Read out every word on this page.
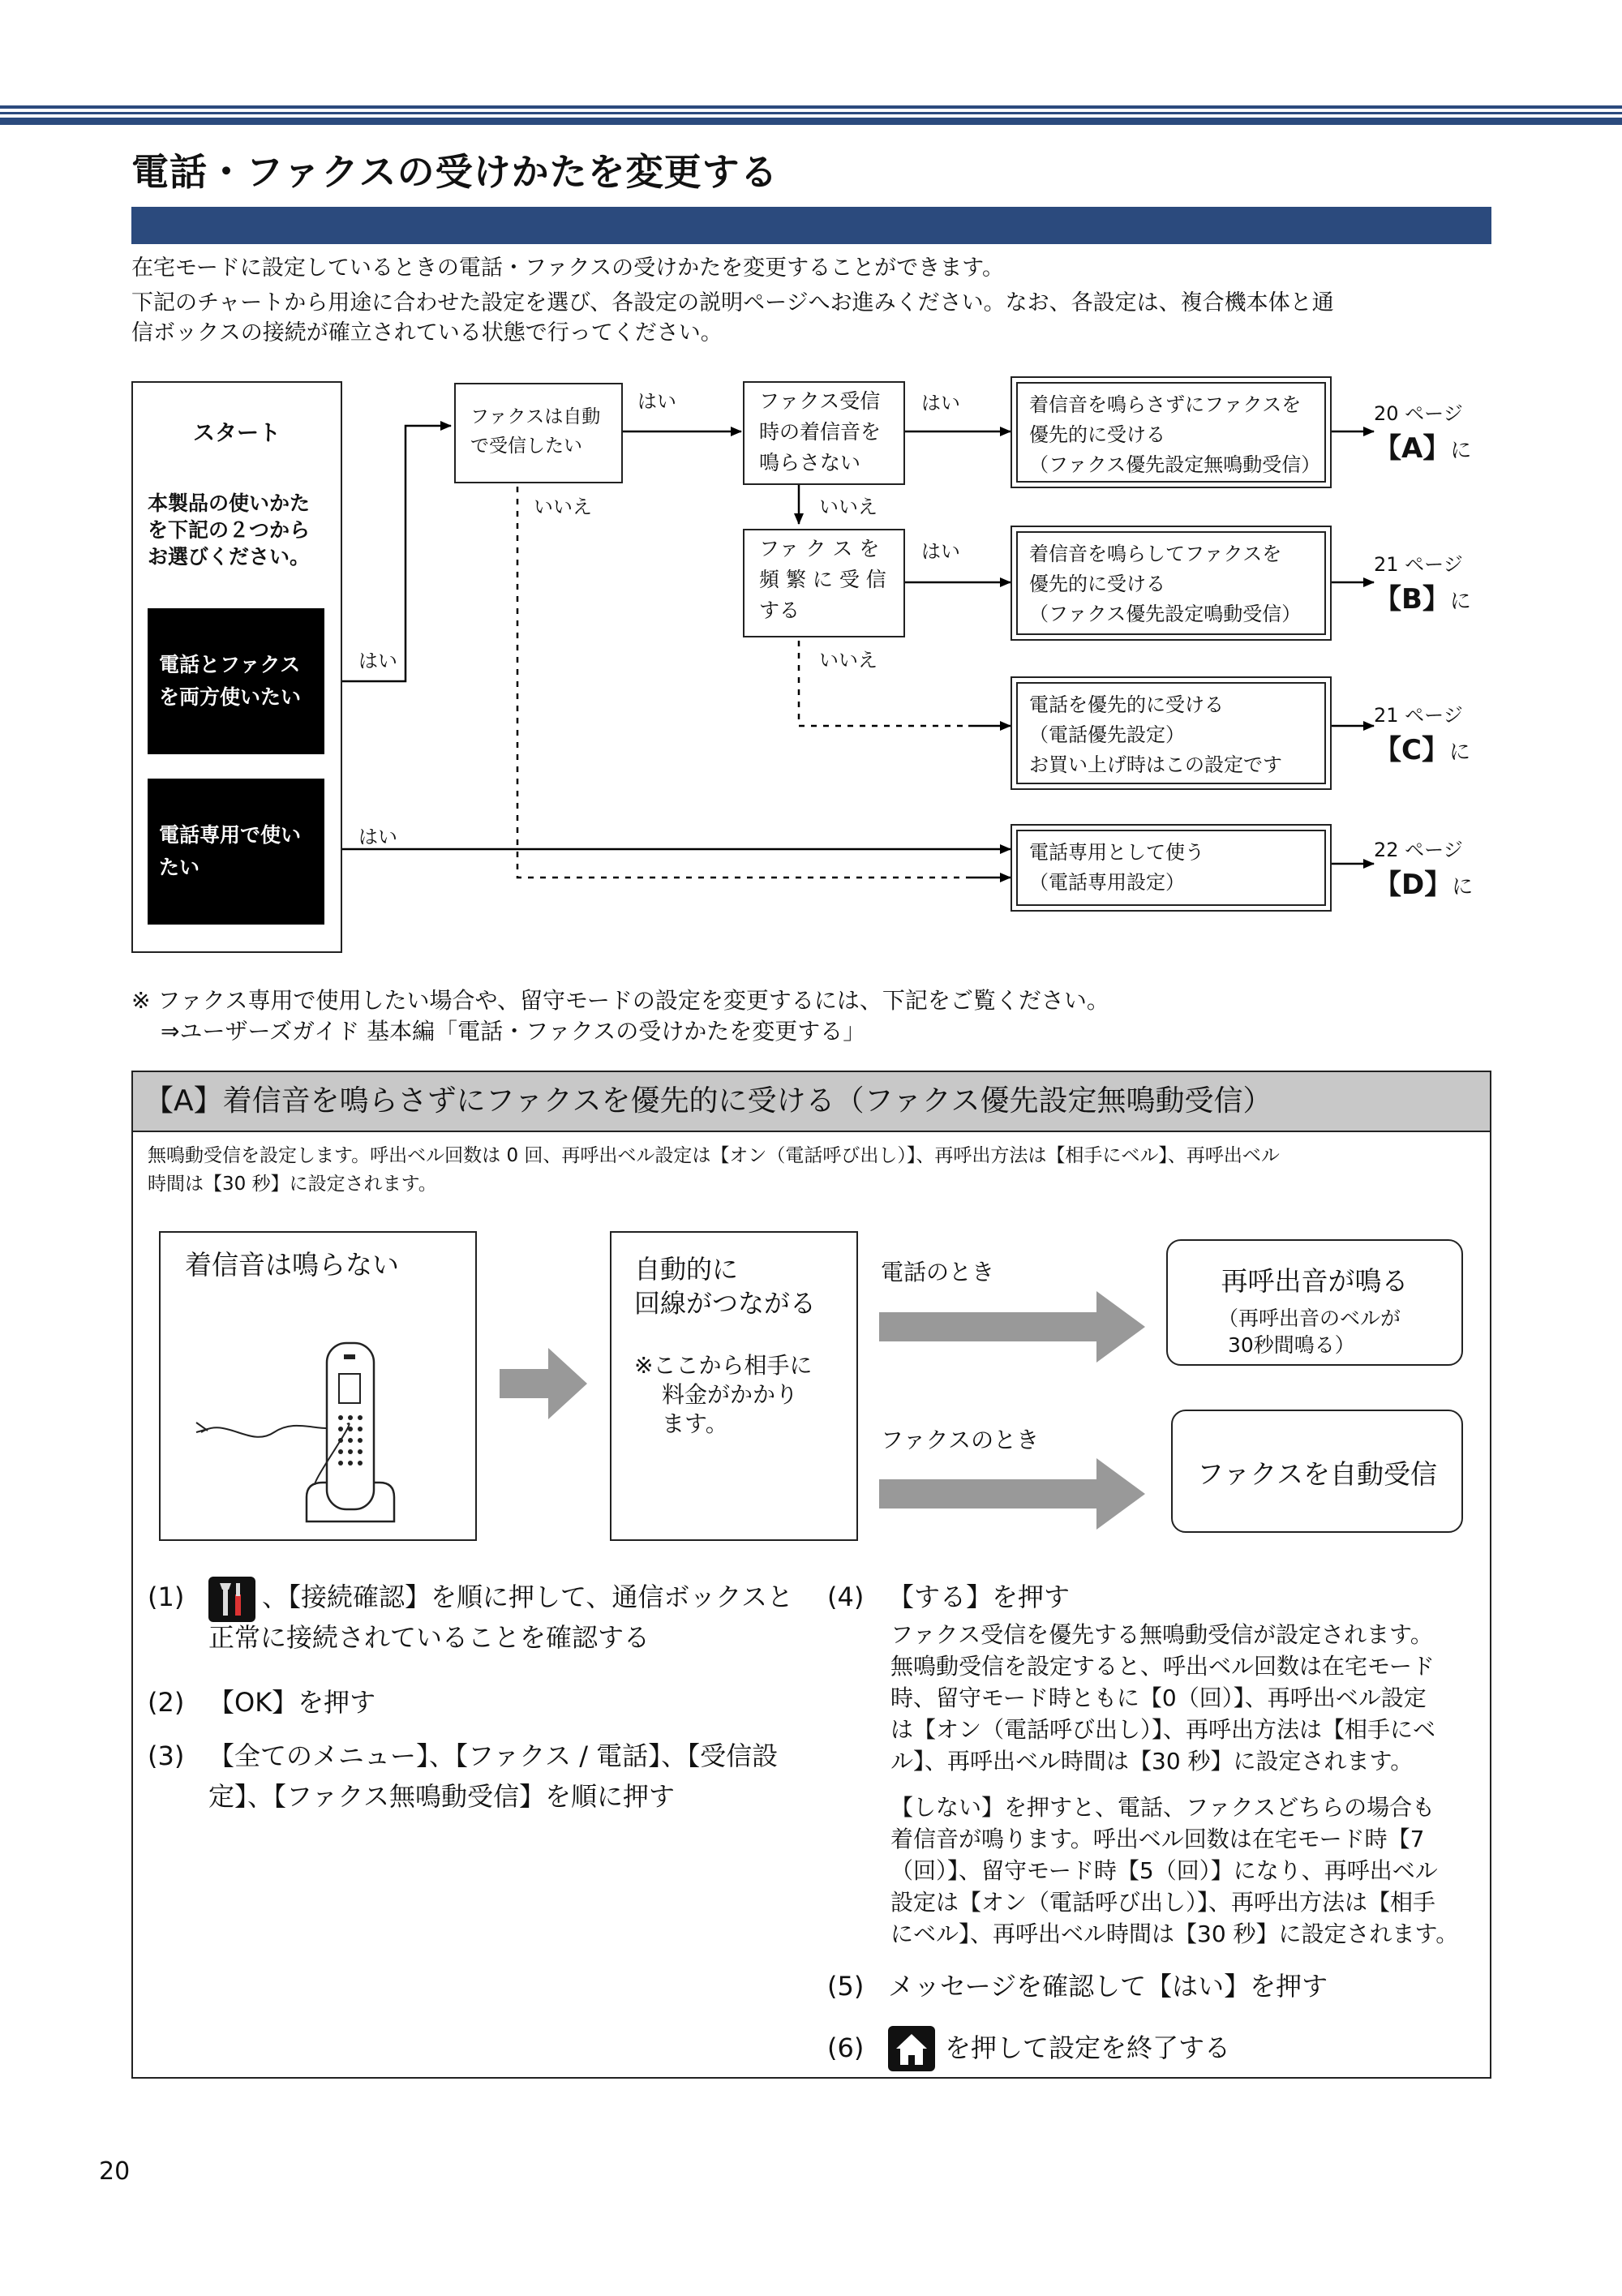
電話・ファクスの受けかたを変更する
在宅モードに設定しているときの電話・ファクスの受けかたを変更することができます。
下記のチャートから用途に合わせた設定を選び、各設定の説明ページへお進みください。なお、各設定は、複合機本体と通
信ボックスの接続が確立されている状態で行ってください。
スタート
本製品の使いかた
を下記の２つから
お選びください。
電話とファクス
を両方使いたい
電話専用で使い
たい
はい
はい
ファクスは自動
で受信したい
はい
いいえ
ファクス受信
時の着信音を
鳴らさない
はい
いいえ
ファ ク ス を
頻 繁 に 受 信
する
はい
いいえ
着信音を鳴らさずにファクスを
優先的に受ける
（ファクス優先設定無鳴動受信）
着信音を鳴らしてファクスを
優先的に受ける
（ファクス優先設定鳴動受信）
電話を優先的に受ける
（電話優先設定）
お買い上げ時はこの設定です
電話専用として使う
（電話専用設定）
20 ページ
【A】に
21 ページ
【B】に
21 ページ
【C】に
22 ページ
【D】に
※ ファクス専用で使用したい場合や、留守モードの設定を変更するには、下記をご覧ください。
⇒ユーザーズガイド 基本編「電話・ファクスの受けかたを変更する」
【A】着信音を鳴らさずにファクスを優先的に受ける（ファクス優先設定無鳴動受信）
無鳴動受信を設定します。呼出ベル回数は 0 回、再呼出ベル設定は【オン（電話呼び出し）】、再呼出方法は【相手にベル】、再呼出ベル
時間は【30 秒】に設定されます。
着信音は鳴らない	自動的に
回線がつながる
※ここから相手に
料金がかかり
ます。
電話のとき
ファクスのとき
再呼出音が鳴る
（再呼出音のベルが
30秒間鳴る）
ファクスを自動受信
(1)	、【接続確認】を順に押して、通信ボックスと
正常に接続されていることを確認する
(2) 【OK】を押す
(3) 【全てのメニュー】、【ファクス / 電話】、【受信設
定】、【ファクス無鳴動受信】を順に押す
(4) 【する】を押す
ファクス受信を優先する無鳴動受信が設定されます。
無鳴動受信を設定すると、呼出ベル回数は在宅モード
時、留守モード時ともに【0（回）】、再呼出ベル設定
は【オン（電話呼び出し）】、再呼出方法は【相手にベ
ル】、再呼出ベル時間は【30 秒】に設定されます。
【しない】を押すと、電話、ファクスどちらの場合も
着信音が鳴ります。呼出ベル回数は在宅モード時【7
（回）】、留守モード時【5（回）】になり、再呼出ベル
設定は【オン（電話呼び出し）】、再呼出方法は【相手
にベル】、再呼出ベル時間は【30 秒】に設定されます。
(5) メッセージを確認して【はい】を押す
(6)	を押して設定を終了する
20
